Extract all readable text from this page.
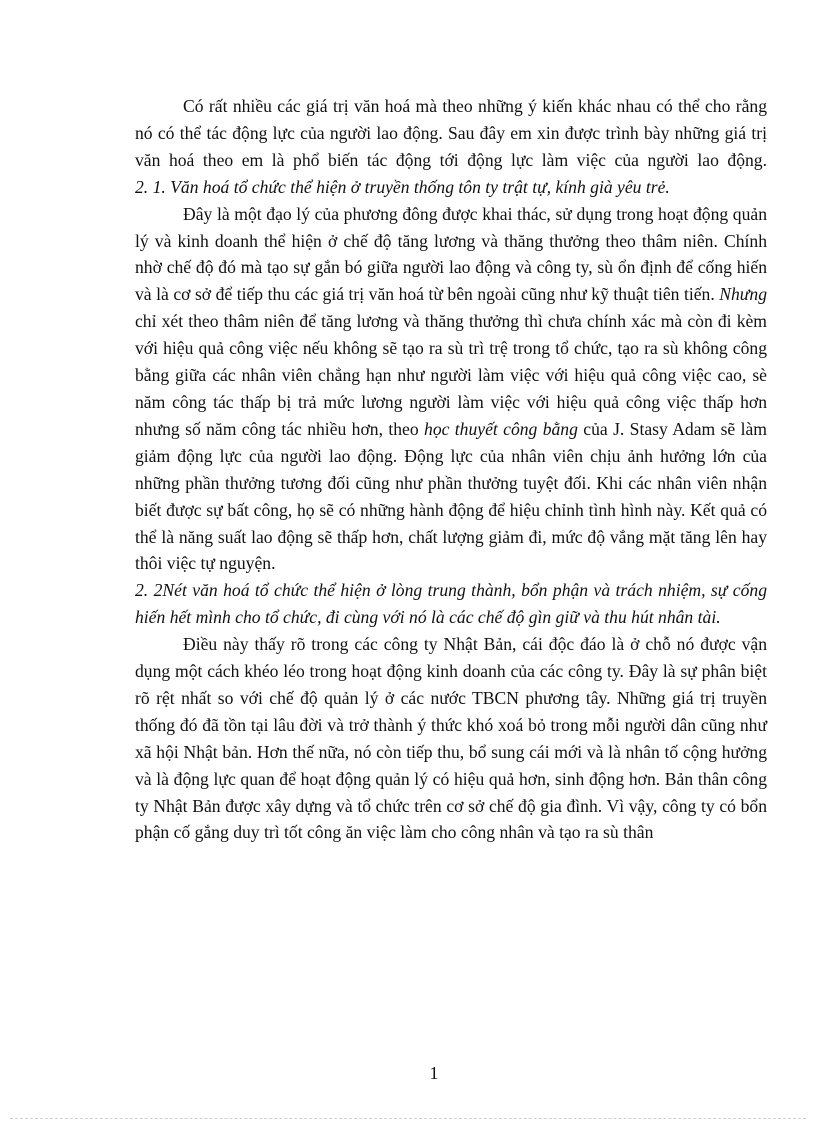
Có rất nhiều các giá trị văn hoá mà theo những ý kiến khác nhau có thể cho rằng nó có thể tác động lực của người lao động. Sau đây em xin được trình bày những giá trị văn hoá theo em là phổ biến tác động tới động lực làm việc của người lao động.

2. 1. Văn hoá tổ chức thể hiện ở truyền thống tôn ty trật tự, kính già yêu trẻ.

Đây là một đạo lý của phương đông được khai thác, sử dụng trong hoạt động quản lý và kinh doanh thể hiện ở chế độ tăng lương và thăng thưởng theo thâm niên. Chính nhờ chế độ đó mà tạo sự gắn bó giữa người lao động và công ty, sù ổn định để cống hiến và là cơ sở để tiếp thu các giá trị văn hoá từ bên ngoài cũng như kỹ thuật tiên tiến. Nhưng chỉ xét theo thâm niên để tăng lương và thăng thưởng thì chưa chính xác mà còn đi kèm với hiệu quả công việc nếu không sẽ tạo ra sù trì trệ trong tổ chức, tạo ra sù không công bằng giữa các nhân viên chẳng hạn như người làm việc với hiệu quả công việc cao, sè năm công tác thấp bị trả mức lương người làm việc với hiệu quả công việc thấp hơn nhưng số năm công tác nhiều hơn, theo học thuyết công bằng của J. Stasy Adam sẽ làm giảm động lực của người lao động. Động lực của nhân viên chịu ảnh hưởng lớn của những phần thưởng tương đối cũng như phần thưởng tuyệt đối. Khi các nhân viên nhận biết được sự bất công, họ sẽ có những hành động để hiệu chỉnh tình hình này. Kết quả có thể là năng suất lao động sẽ thấp hơn, chất lượng giảm đi, mức độ vắng mặt tăng lên hay thôi việc tự nguyện.

2. 2Nét văn hoá tổ chức thể hiện ở lòng trung thành, bổn phận và trách nhiệm, sự cống hiến hết mình cho tổ chức, đi cùng với nó là các chế độ gìn giữ và thu hút nhân tài.

Điều này thấy rõ trong các công ty Nhật Bản, cái độc đáo là ở chỗ nó được vận dụng một cách khéo léo trong hoạt động kinh doanh của các công ty. Đây là sự phân biệt rõ rệt nhất so với chế độ quản lý ở các nước TBCN phương tây. Những giá trị truyền thống đó đã tồn tại lâu đời và trở thành ý thức khó xoá bỏ trong mỗi người dân cũng như xã hội Nhật bản. Hơn thế nữa, nó còn tiếp thu, bổ sung cái mới và là nhân tố cộng hưởng và là động lực quan để hoạt động quản lý có hiệu quả hơn, sinh động hơn. Bản thân công ty Nhật Bản được xây dựng và tổ chức trên cơ sở chế độ gia đình. Vì vậy, công ty có bổn phận cố gắng duy trì tốt công ăn việc làm cho công nhân và tạo ra sù thân

1
